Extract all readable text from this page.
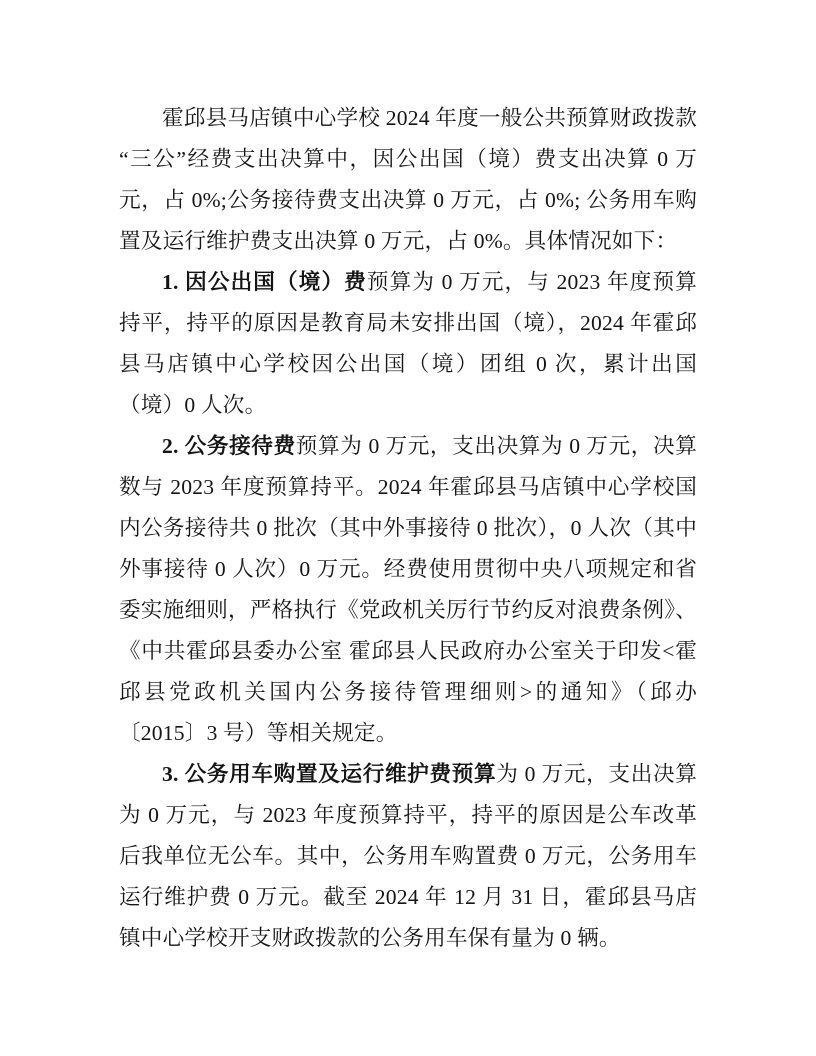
霍邱县马店镇中心学校 2024 年度一般公共预算财政拨款“三公”经费支出决算中，因公出国（境）费支出决算 0 万元，占 0%;公务接待费支出决算 0 万元，占 0%; 公务用车购置及运行维护费支出决算 0 万元，占 0%。具体情况如下：

1. 因公出国（境）费预算为 0 万元，与 2023 年度预算持平，持平的原因是教育局未安排出国（境），2024 年霍邱县马店镇中心学校因公出国（境）团组 0 次，累计出国（境）0 人次。

2. 公务接待费预算为 0 万元，支出决算为 0 万元，决算数与 2023 年度预算持平。2024 年霍邱县马店镇中心学校国内公务接待共 0 批次（其中外事接待 0 批次），0 人次（其中外事接待 0 人次）0 万元。经费使用贯彻中央八项规定和省委实施细则，严格执行《党政机关厉行节约反对浪费条例》、《中共霍邱县委办公室 霍邱县人民政府办公室关于印发<霍邱县党政机关国内公务接待管理细则>的通知》（邱办〔2015〕3 号）等相关规定。

3. 公务用车购置及运行维护费预算为 0 万元，支出决算为 0 万元，与 2023 年度预算持平，持平的原因是公车改革后我单位无公车。其中，公务用车购置费 0 万元，公务用车运行维护费 0 万元。截至 2024 年 12 月 31 日，霍邱县马店镇中心学校开支财政拨款的公务用车保有量为 0 辆。
